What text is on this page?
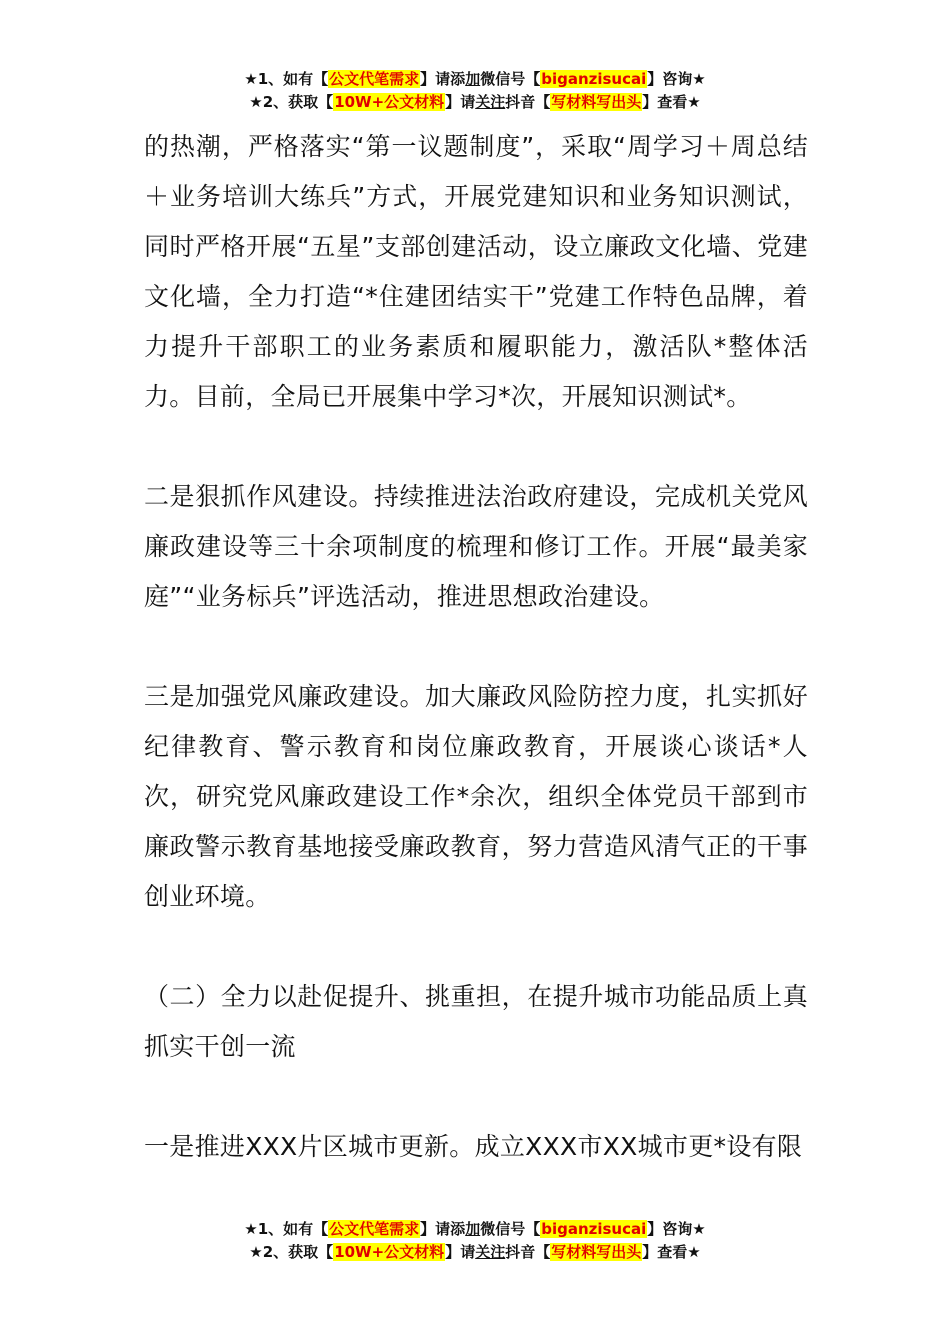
★1、如有【公文代笔需求】请添加微信号【biganzisucai】咨询★
★2、获取【10W+公文材料】请关注抖音【写材料写出头】查看★

的热潮，严格落实“第一议题制度”，采取“周学习＋周总结＋业务培训大练兵”方式，开展党建知识和业务知识测试，同时严格开展“五星”支部创建活动，设立廉政文化墙、党建文化墙，全力打造“*住建团结实干”党建工作特色品牌，着力提升干部职工的业务素质和履职能力，激活队*整体活力。目前，全局已开展集中学习*次，开展知识测试*。

二是狠抓作风建设。持续推进法治政府建设，完成机关党风廉政建设等三十余项制度的梳理和修订工作。开展“最美家庭”“业务标兵”评选活动，推进思想政治建设。

三是加强党风廉政建设。加大廉政风险防控力度，扎实抓好纪律教育、警示教育和岗位廉政教育，开展谈心谈话*人次，研究党风廉政建设工作*余次，组织全体党员干部到市廉政警示教育基地接受廉政教育，努力营造风清气正的干事创业环境。

（二）全力以赴促提升、挑重担，在提升城市功能品质上真抓实干创一流

一是推进XXX片区城市更新。成立XXX市XX城市更*设有限

★1、如有【公文代笔需求】请添加微信号【biganzisucai】咨询★
★2、获取【10W+公文材料】请关注抖音【写材料写出头】查看★
